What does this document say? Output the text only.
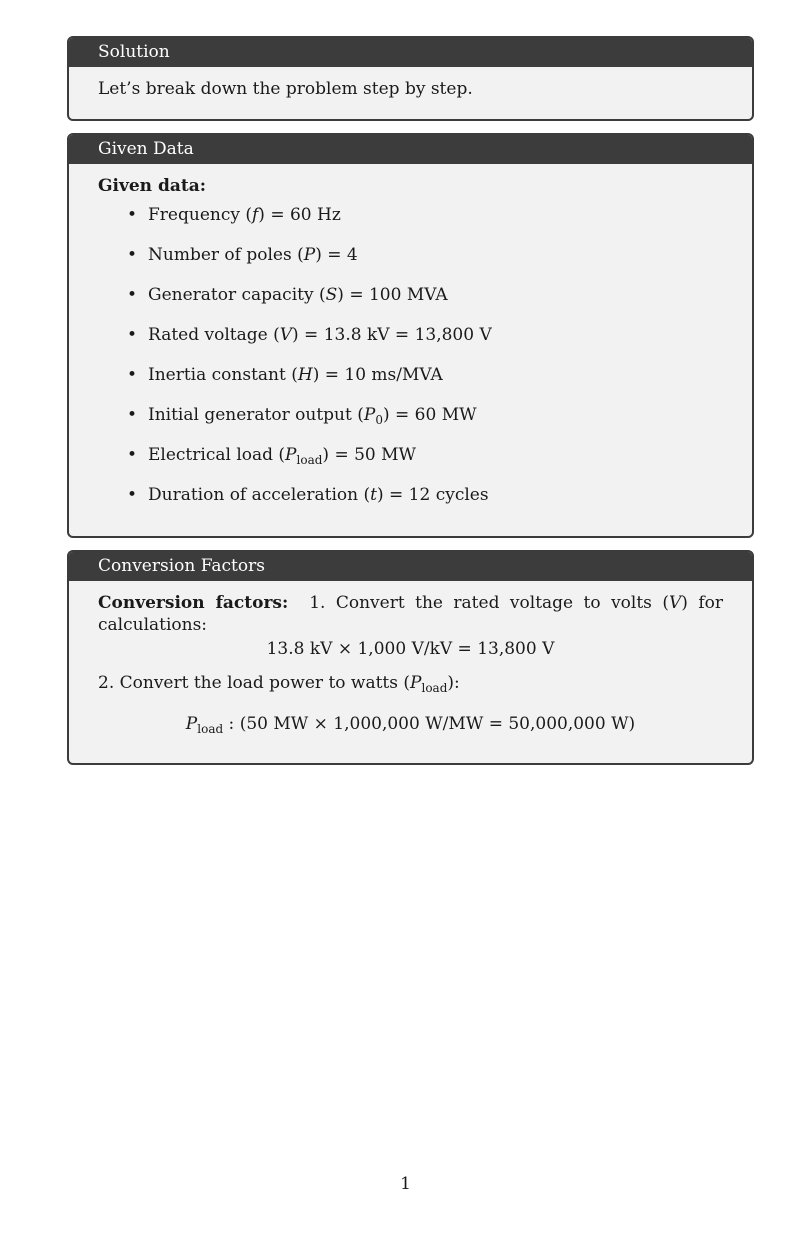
Solution
Let’s break down the problem step by step.
Given Data
Given data:
• Frequency (f) = 60 Hz
• Number of poles (P) = 4
• Generator capacity (S) = 100 MVA
• Rated voltage (V) = 13.8 kV = 13,800 V
• Inertia constant (H) = 10 ms/MVA
• Initial generator output $(P_0) = 60$ MW
• Electrical load $(P_{load}) = 50$ MW
• Duration of acceleration (t) = 12 cycles
Conversion Factors
Conversion factors: 1. Convert the rated voltage to volts (V) for calculations:
13.8 kV × 1,000 V/kV = 13,800 V
2. Convert the load power to watts $(P_{load})$:
$P_{load}$ : (50 MW × 1,000,000 W/MW = 50,000,000 W)
1
